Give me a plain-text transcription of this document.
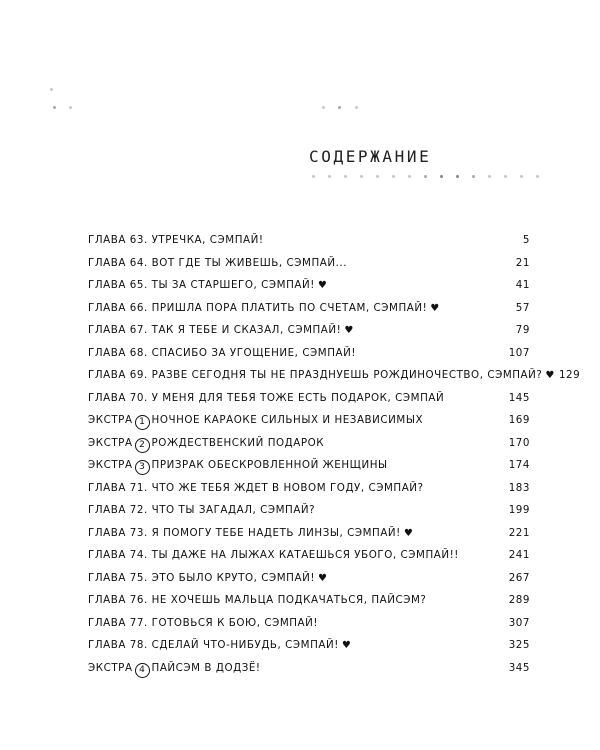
СОДЕРЖАНИЕ
ГЛАВА 63. УТРЕЧКА, СЭМПАЙ!	5
ГЛАВА 64. ВОТ ГДЕ ТЫ ЖИВЕШЬ, СЭМПАЙ...	21
ГЛАВА 65. ТЫ ЗА СТАРШЕГО, СЭМПАЙ! ♥	41
ГЛАВА 66. ПРИШЛА ПОРА ПЛАТИТЬ ПО СЧЕТАМ, СЭМПАЙ! ♥	57
ГЛАВА 67. ТАК Я ТЕБЕ И СКАЗАЛ, СЭМПАЙ! ♥	79
ГЛАВА 68. СПАСИБО ЗА УГОЩЕНИЕ, СЭМПАЙ!	107
ГЛАВА 69. РАЗВЕ СЕГОДНЯ ТЫ НЕ ПРАЗДНУЕШЬ РОЖДИНОЧЕСТВО, СЭМПАЙ? ♥ 129
ГЛАВА 70. У МЕНЯ ДЛЯ ТЕБЯ ТОЖЕ ЕСТЬ ПОДАРОК, СЭМПАЙ	145
ЭКСТРА 1 НОЧНОЕ КАРАОКЕ СИЛЬНЫХ И НЕЗАВИСИМЫХ	169
ЭКСТРА 2 РОЖДЕСТВЕНСКИЙ ПОДАРОК	170
ЭКСТРА 3 ПРИЗРАК ОБЕСКРОВЛЕННОЙ ЖЕНЩИНЫ	174
ГЛАВА 71. ЧТО ЖЕ ТЕБЯ ЖДЕТ В НОВОМ ГОДУ, СЭМПАЙ?	183
ГЛАВА 72. ЧТО ТЫ ЗАГАДАЛ, СЭМПАЙ?	199
ГЛАВА 73. Я ПОМОГУ ТЕБЕ НАДЕТЬ ЛИНЗЫ, СЭМПАЙ! ♥	221
ГЛАВА 74. ТЫ ДАЖЕ НА ЛЫЖАХ КАТАЕШЬСЯ УБОГО, СЭМПАЙ!!	241
ГЛАВА 75. ЭТО БЫЛО КРУТО, СЭМПАЙ! ♥	267
ГЛАВА 76. НЕ ХОЧЕШЬ МАЛЬЦА ПОДКАЧАТЬСЯ, ПАЙСЭМ?	289
ГЛАВА 77. ГОТОВЬСЯ К БОЮ, СЭМПАЙ!	307
ГЛАВА 78. СДЕЛАЙ ЧТО-НИБУДЬ, СЭМПАЙ! ♥	325
ЭКСТРА 4 ПАЙСЭМ В ДОДЗЁ!	345
